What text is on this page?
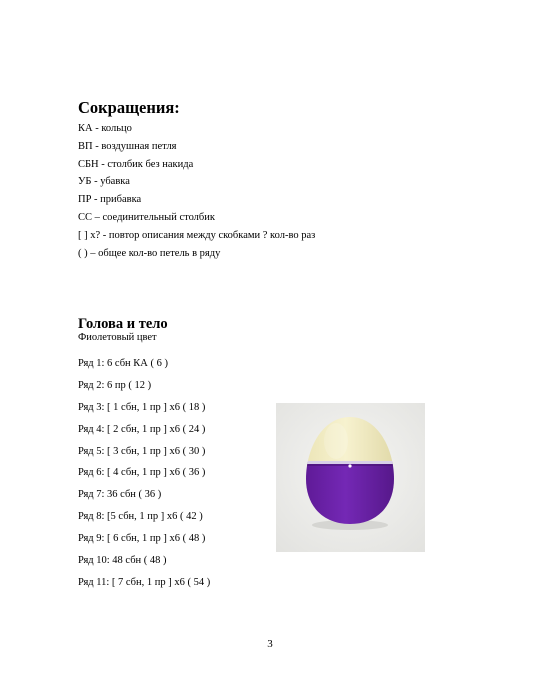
Сокращения:
КА - кольцо
ВП - воздушная петля
СБН - столбик без накида
УБ - убавка
ПР - прибавка
СС – соединительный столбик
[ ] х? - повтор описания между скобками ? кол-во раз
( ) – общее кол-во петель в ряду
Голова и тело
Фиолетовый цвет
Ряд 1: 6 сбн КА ( 6 )
Ряд 2: 6 пр ( 12 )
Ряд 3: [ 1 сбн, 1 пр ] х6 ( 18 )
Ряд 4: [ 2 сбн, 1 пр ] х6 ( 24 )
Ряд 5: [ 3 сбн, 1 пр ] х6 ( 30 )
Ряд 6: [ 4 сбн, 1 пр ] х6 ( 36 )
Ряд 7: 36 сбн ( 36 )
Ряд 8: [5 сбн, 1 пр ] х6 ( 42 )
Ряд 9: [ 6 сбн, 1 пр ] х6 ( 48 )
Ряд 10: 48 сбн ( 48 )
Ряд 11: [ 7 сбн, 1 пр ] х6 ( 54 )
3
